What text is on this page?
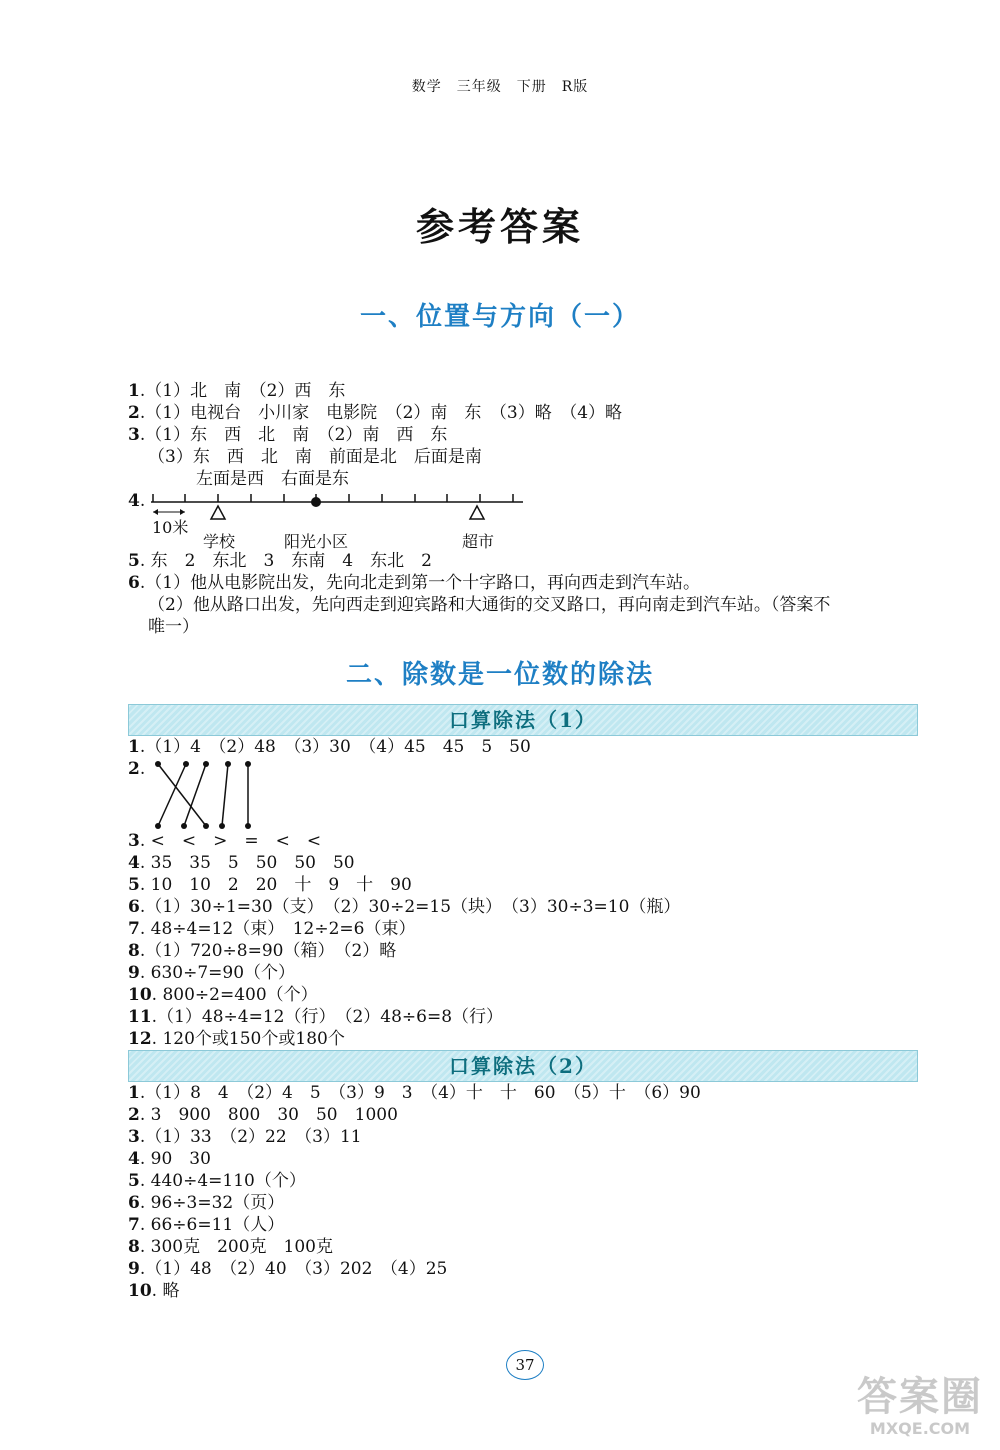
数学　三年级　下册　R版
参考答案
一、位置与方向（一）
1.（1）北　南　（2）西　东
2.（1）电视台　小川家　电影院　（2）南　东　（3）略　（4）略
3.（1）东　西　北　南　（2）南　西　东
（3）东　西　北　南　前面是北　后面是南
左面是西　右面是东
4.
10米
学校	阳光小区	超市
5. 东　2　东北　3　东南　4　东北　2
6.（1）他从电影院出发，先向北走到第一个十字路口，再向西走到汽车站。
（2）他从路口出发，先向西走到迎宾路和大通街的交叉路口，再向南走到汽车站。（答案不
唯一）
二、除数是一位数的除法
口算除法（1）
1.（1）4　（2）48　（3）30　（4）45　45　5　50
2.
3. <　<　>　=　<　<
4. 35　35　5　50　50　50
5. 10　10　2　20　十　9　十　90
6.（1）30÷1=30（支）　（2）30÷2=15（块）　（3）30÷3=10（瓶）
7. 48÷4=12（束）　12÷2=6（束）
8.（1）720÷8=90（箱）　（2）略
9. 630÷7=90（个）
10. 800÷2=400（个）
11.（1）48÷4=12（行）　（2）48÷6=8（行）
12. 120个或150个或180个
口算除法（2）
1.（1）8　4　（2）4　5　（3）9　3　（4）十　十　60　（5）十　（6）90
2. 3　900　800　30　50　1000
3.（1）33　（2）22　（3）11
4. 90　30
5. 440÷4=110（个）
6. 96÷3=32（页）
7. 66÷6=11（人）
8. 300克　200克　100克
9.（1）48　（2）40　（3）202　（4）25
10. 略
37
答案圈
MXQE.COM
